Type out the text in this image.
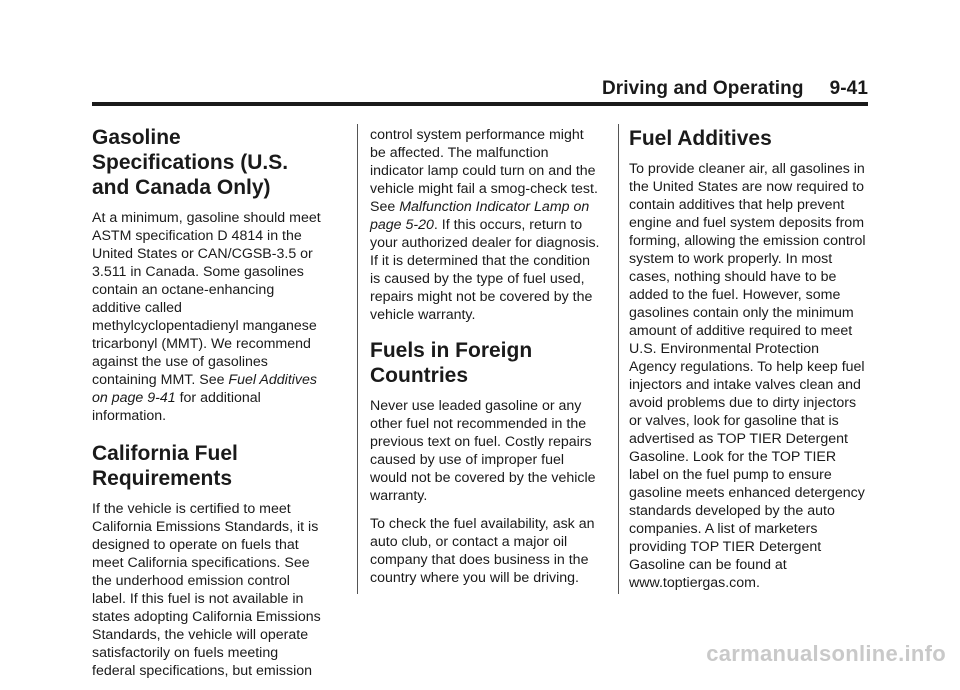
Driving and Operating 9-41
Gasoline Specifications (U.S. and Canada Only)

At a minimum, gasoline should meet ASTM specification D 4814 in the United States or CAN/CGSB-3.5 or 3.511 in Canada. Some gasolines contain an octane-enhancing additive called methylcyclopentadienyl manganese tricarbonyl (MMT). We recommend against the use of gasolines containing MMT. See Fuel Additives on page 9-41 for additional information.

California Fuel Requirements

If the vehicle is certified to meet California Emissions Standards, it is designed to operate on fuels that meet California specifications. See the underhood emission control label. If this fuel is not available in states adopting California Emissions Standards, the vehicle will operate satisfactorily on fuels meeting federal specifications, but emission

control system performance might be affected. The malfunction indicator lamp could turn on and the vehicle might fail a smog-check test. See Malfunction Indicator Lamp on page 5-20. If this occurs, return to your authorized dealer for diagnosis. If it is determined that the condition is caused by the type of fuel used, repairs might not be covered by the vehicle warranty.

Fuels in Foreign Countries

Never use leaded gasoline or any other fuel not recommended in the previous text on fuel. Costly repairs caused by use of improper fuel would not be covered by the vehicle warranty.

To check the fuel availability, ask an auto club, or contact a major oil company that does business in the country where you will be driving.

Fuel Additives

To provide cleaner air, all gasolines in the United States are now required to contain additives that help prevent engine and fuel system deposits from forming, allowing the emission control system to work properly. In most cases, nothing should have to be added to the fuel. However, some gasolines contain only the minimum amount of additive required to meet U.S. Environmental Protection Agency regulations. To help keep fuel injectors and intake valves clean and avoid problems due to dirty injectors or valves, look for gasoline that is advertised as TOP TIER Detergent Gasoline. Look for the TOP TIER label on the fuel pump to ensure gasoline meets enhanced detergency standards developed by the auto companies. A list of marketers providing TOP TIER Detergent Gasoline can be found at www.toptiergas.com.

carmanualsonline.info
